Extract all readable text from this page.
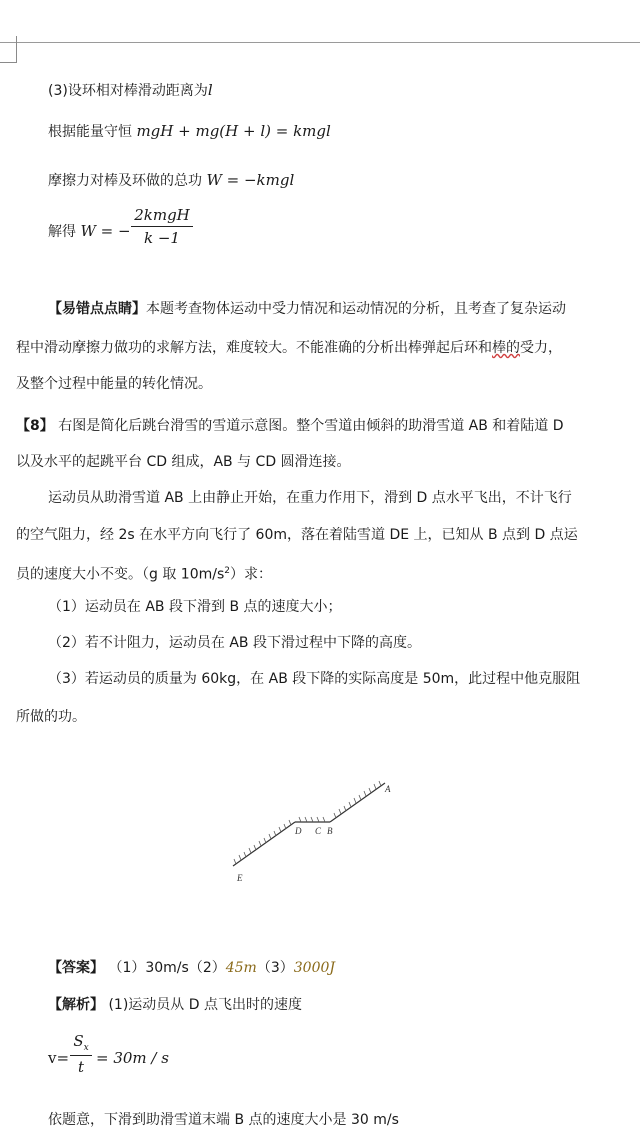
(3)设环相对棒滑动距离为l
根据能量守恒 mgH + mg(H + l) = kmgl
摩擦力对棒及环做的总功 W = −kmgl
解得 W = −
2kmgH
k −1
【易错点点睛】本题考查物体运动中受力情况和运动情况的分析，且考查了复杂运动
程中滑动摩擦力做功的求解方法，难度较大。不能准确的分析出棒弹起后环和棒的受力，
及整个过程中能量的转化情况。
【8】 右图是简化后跳台滑雪的雪道示意图。整个雪道由倾斜的助滑雪道 AB 和着陆道 D
以及水平的起跳平台 CD 组成，AB 与 CD 圆滑连接。
运动员从助滑雪道 AB 上由静止开始，在重力作用下，滑到 D 点水平飞出，不计飞行
的空气阻力，经 2s 在水平方向飞行了 60m，落在着陆雪道 DE 上，已知从 B 点到 D 点运
员的速度大小不变。（g 取 $10m/s^2$）求：
（1）运动员在 AB 段下滑到 B 点的速度大小；
（2）若不计阻力，运动员在 AB 段下滑过程中下降的高度。
（3）若运动员的质量为 60kg，在 AB 段下降的实际高度是 50m，此过程中他克服阻
所做的功。
A
D C B
E
【答案】 （1）30m/s（2）45m（3）3000J
【解析】 (1)运动员从 D 点飞出时的速度
v=
$S_x$
t = 30m / s
依题意，下滑到助滑雪道末端 B 点的速度大小是 30 m/s
